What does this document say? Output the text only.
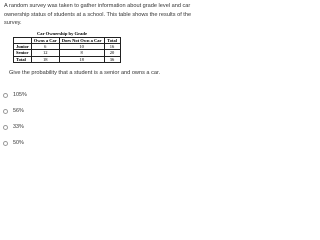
A random survey was taken to gather information about grade level and car ownership status of students at a school. This table shows the results of the survey.
Car Ownership by Grade
	Owns a Car	Does Not Own a Car	Total
Junior	6	10	16
Senior	12	8	20
Total	18	18	36
Give the probability that a student is a senior and owns a car.
105%
56%
33%
50%
